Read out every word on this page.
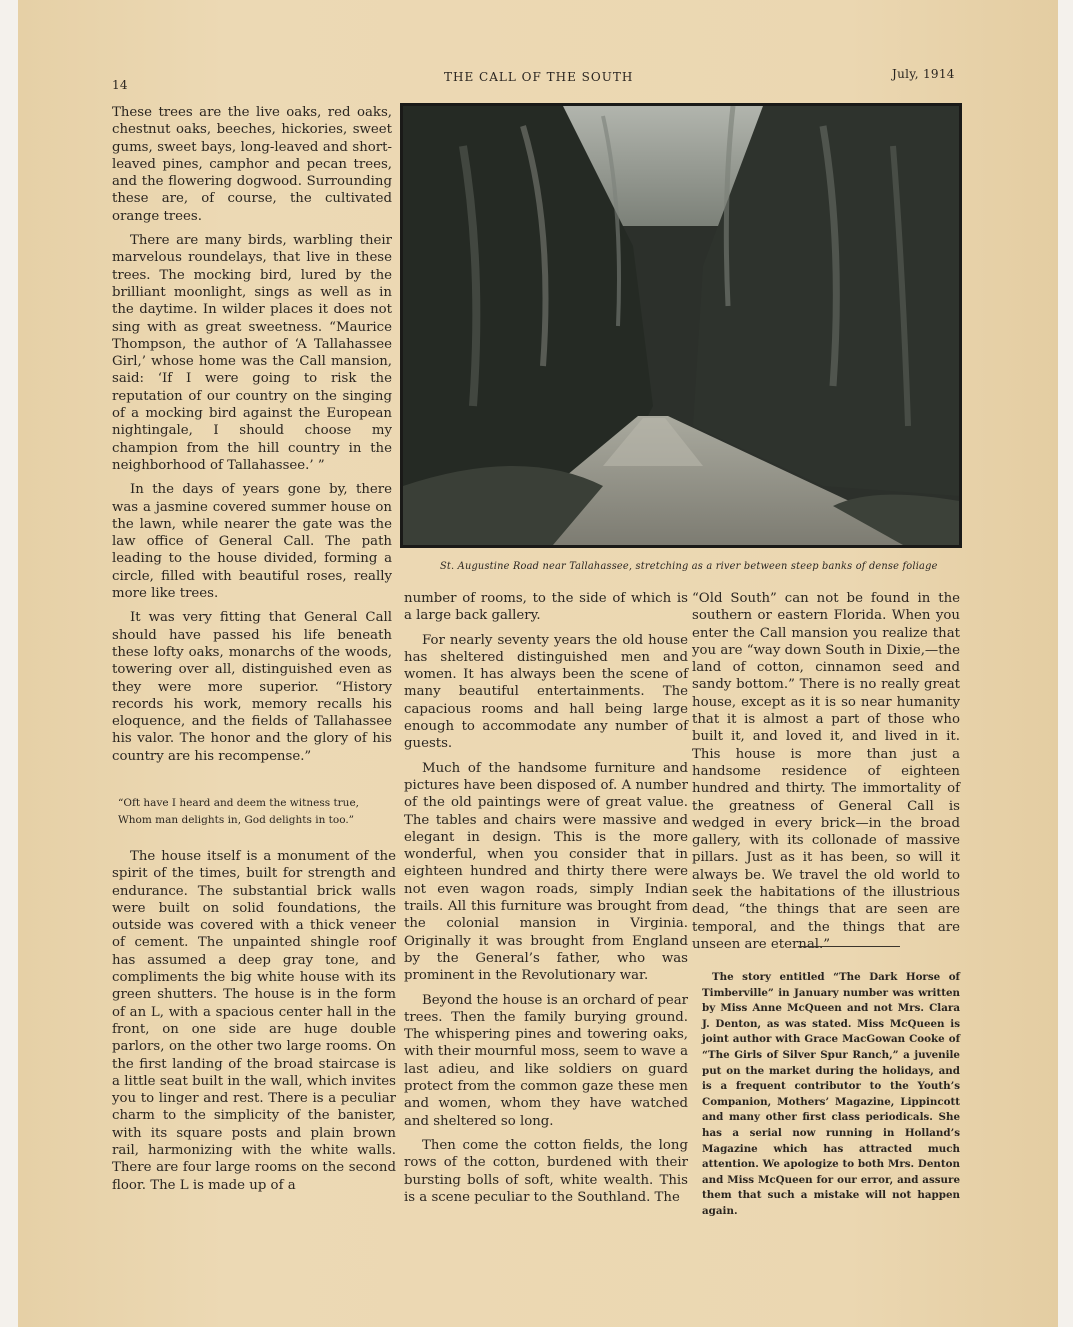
14
THE CALL OF THE SOUTH	July, 1914

These trees are the live oaks, red oaks, chestnut oaks, beeches, hickories, sweet gums, sweet bays, long-leaved and short-leaved pines, camphor and pecan trees, and the flowering dogwood. Surrounding these are, of course, the cultivated orange trees.

There are many birds, warbling their marvelous roundelays, that live in these trees. The mocking bird, lured by the brilliant moonlight, sings as well as in the daytime. In wilder places it does not sing with as great sweetness. “Maurice Thompson, the author of ‘A Tallahassee Girl,’ whose home was the Call mansion, said: ‘If I were going to risk the reputation of our country on the singing of a mocking bird against the European nightingale, I should choose my champion from the hill country in the neighborhood of Tallahassee.’ ”

In the days of years gone by, there was a jasmine covered summer house on the lawn, while nearer the gate was the law office of General Call. The path leading to the house divided, forming a circle, filled with beautiful roses, really more like trees.

It was very fitting that General Call should have passed his life beneath these lofty oaks, monarchs of the woods, towering over all, distinguished even as they were more superior. “History records his work, memory recalls his eloquence, and the fields of Tallahassee his valor. The honor and the glory of his country are his recompense.”

“Oft have I heard and deem the witness true,
Whom man delights in, God delights in too.”

The house itself is a monument of the spirit of the times, built for strength and endurance. The substantial brick walls were built on solid foundations, the outside was covered with a thick veneer of cement. The unpainted shingle roof has assumed a deep gray tone, and compliments the big white house with its green shutters. The house is in the form of an L, with a spacious center hall in the front, on one side are huge double parlors, on the other two large rooms. On the first landing of the broad staircase is a little seat built in the wall, which invites you to linger and rest. There is a peculiar charm to the simplicity of the banister, with its square posts and plain brown rail, harmonizing with the white walls. There are four large rooms on the second floor. The L is made up of a

St. Augustine Road near Tallahassee, stretching as a river between steep banks of dense foliage

number of rooms, to the side of which is a large back gallery.

For nearly seventy years the old house has sheltered distinguished men and women. It has always been the scene of many beautiful entertainments. The capacious rooms and hall being large enough to accommodate any number of guests.

Much of the handsome furniture and pictures have been disposed of. A number of the old paintings were of great value. The tables and chairs were massive and elegant in design. This is the more wonderful, when you consider that in eighteen hundred and thirty there were not even wagon roads, simply Indian trails. All this furniture was brought from the colonial mansion in Virginia. Originally it was brought from England by the General’s father, who was prominent in the Revolutionary war.

Beyond the house is an orchard of pear trees. Then the family burying ground. The whispering pines and towering oaks, with their mournful moss, seem to wave a last adieu, and like soldiers on guard protect from the common gaze these men and women, whom they have watched and sheltered so long.

Then come the cotton fields, the long rows of the cotton, burdened with their bursting bolls of soft, white wealth. This is a scene peculiar to the Southland. The

“Old South” can not be found in the southern or eastern Florida. When you enter the Call mansion you realize that you are “way down South in Dixie,—the land of cotton, cinnamon seed and sandy bottom.” There is no really great house, except as it is so near humanity that it is almost a part of those who built it, and loved it, and lived in it. This house is more than just a handsome residence of eighteen hundred and thirty. The immortality of the greatness of General Call is wedged in every brick—in the broad gallery, with its collonade of massive pillars. Just as it has been, so will it always be. We travel the old world to seek the habitations of the illustrious dead, “the things that are seen are temporal, and the things that are unseen are eternal.”

The story entitled “The Dark Horse of Timberville” in January number was written by Miss Anne McQueen and not Mrs. Clara J. Denton, as was stated. Miss McQueen is joint author with Grace MacGowan Cooke of “The Girls of Silver Spur Ranch,” a juvenile put on the market during the holidays, and is a frequent contributor to the Youth’s Companion, Mothers’ Magazine, Lippincott and many other first class periodicals. She has a serial now running in Holland’s Magazine which has attracted much attention. We apologize to both Mrs. Denton and Miss McQueen for our error, and assure them that such a mistake will not happen again.
